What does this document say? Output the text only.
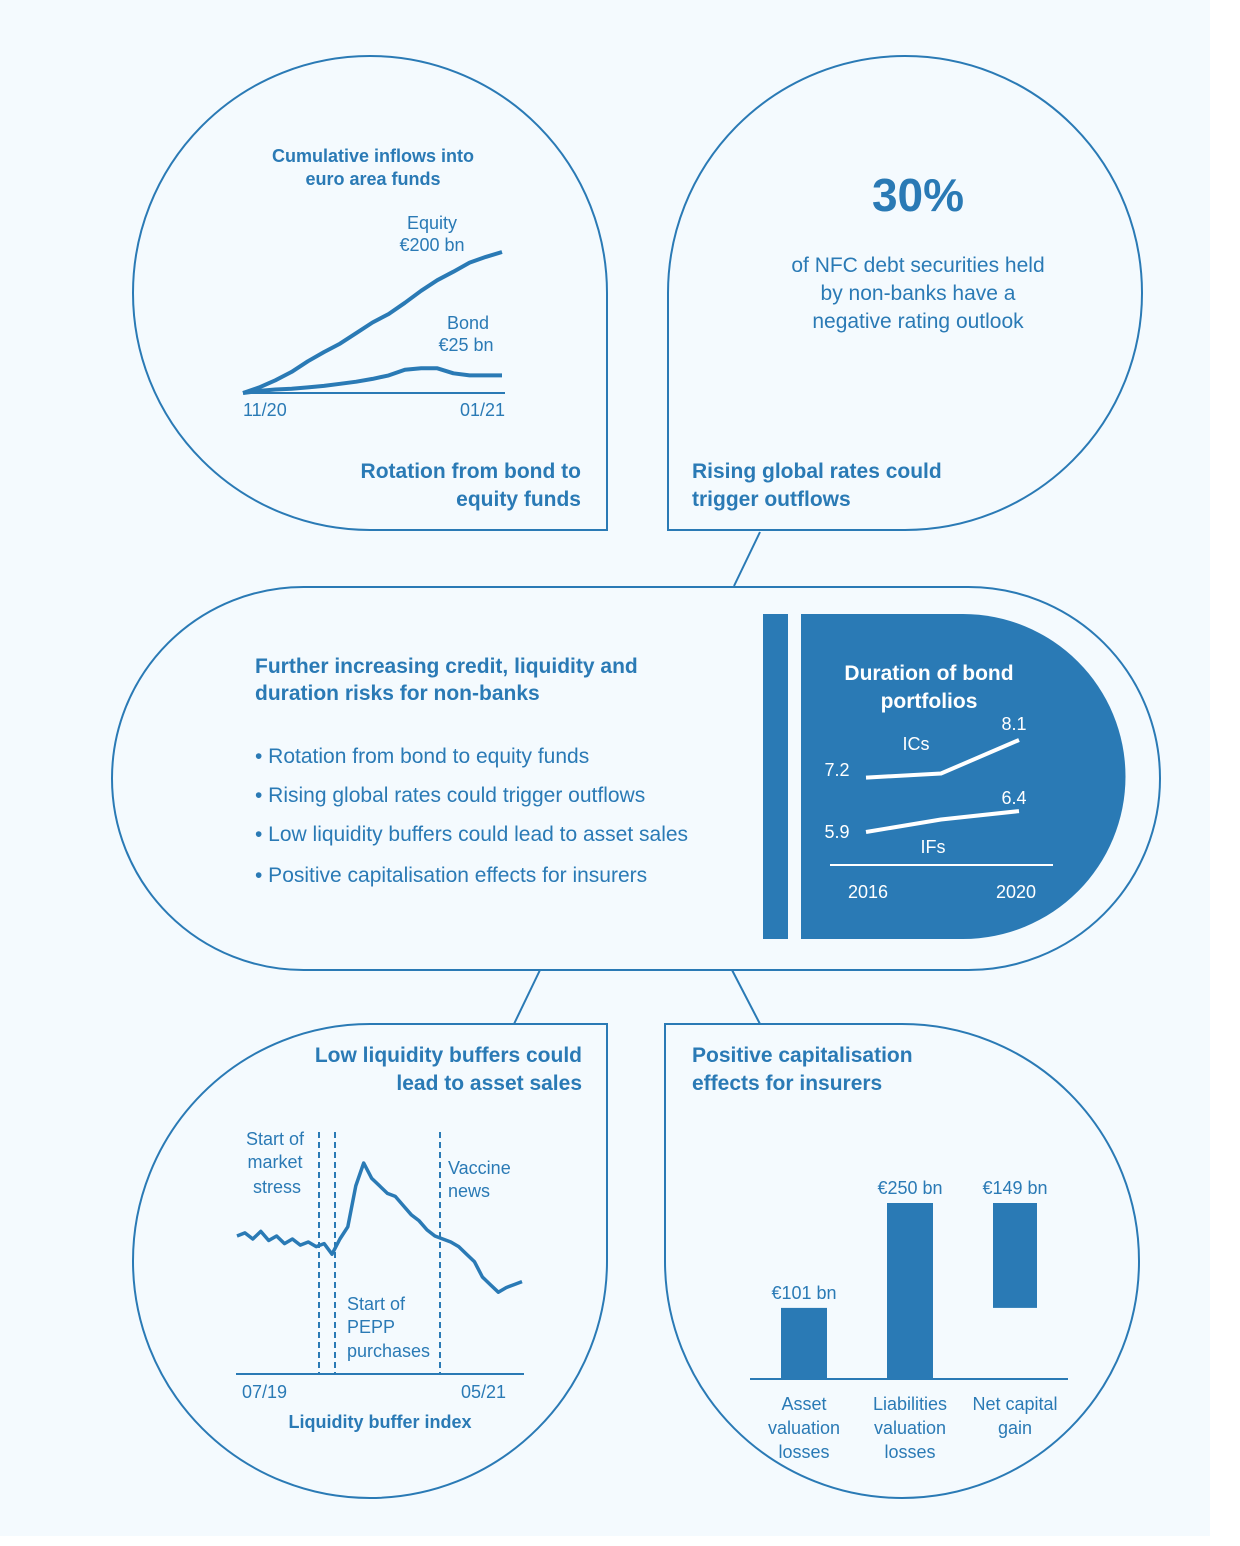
Cumulative inflows into
euro area funds
Equity
€200 bn
Bond
€25 bn
11/20	01/21
Rotation from bond to
equity funds
30%
of NFC debt securities held
by non-banks have a
negative rating outlook
Rising global rates could
trigger outflows
Further increasing credit, liquidity and
duration risks for non-banks
• Rotation from bond to equity funds
• Rising global rates could trigger outflows
• Low liquidity buffers could lead to asset sales
• Positive capitalisation effects for insurers
Duration of bond
portfolios
ICs
IFs
7.2
8.1
5.9
6.4
2016	2020
Low liquidity buffers could
lead to asset sales
Start of
market
stress
Vaccine
news
Start of
PEPP
purchases
07/19	05/21
Liquidity buffer index
Positive capitalisation
effects for insurers
€101 bn
Asset
valuation
losses
€250 bn
Liabilities
valuation
losses
€149 bn
Net capital
gain
